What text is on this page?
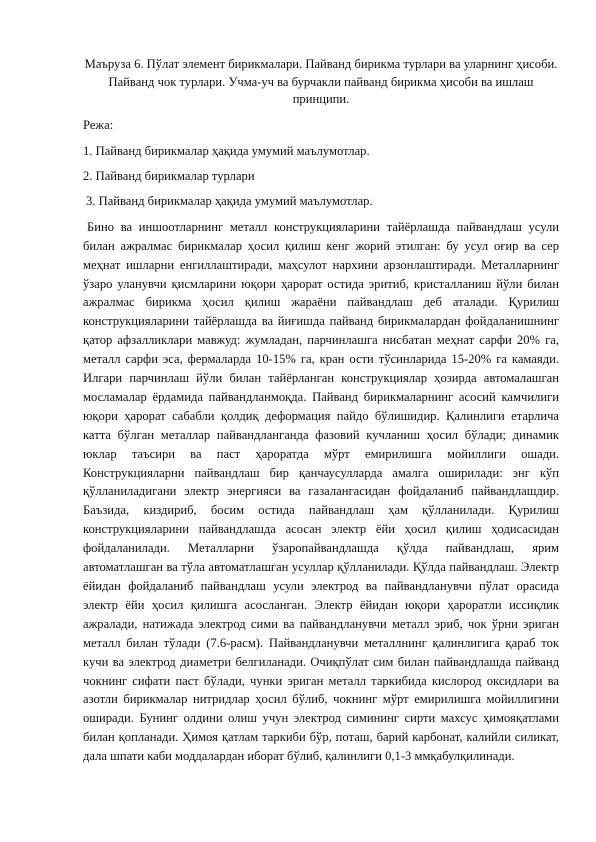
Маъруза 6. Пўлат элемент бирикмалари. Пайванд бирикма турлари ва уларнинг ҳисоби. Пайванд чок турлари. Учма-уч ва бурчакли пайванд бирикма ҳисоби ва ишлаш принципи.

Режа:

1. Пайванд бирикмалар ҳақида умумий маълумотлар.

2. Пайванд бирикмалар турлари

3. Пайванд бирикмалар ҳақида умумий маълумотлар.

Бино ва иншоотларнинг металл конструкцияларини тайёрлашда пайвандлаш усули билан ажралмас бирикмалар ҳосил қилиш кенг жорий этилган: бу усул оғир ва сер меҳнат ишларни енгиллаштиради, маҳсулот нархини арзонлаштиради. Металларнинг ўзаро уланувчи қисмларини юқори ҳарорат остида эритиб, кристалланиш йўли билан ажралмас бирикма ҳосил қилиш жараёни пайвандлаш деб аталади. Қурилиш конструкцияларини тайёрлашда ва йиғишда пайванд бирикмалардан фойдаланишнинг қатор афзалликлари мавжуд: жумладан, парчинлашга нисбатан меҳнат сарфи 20% га, металл сарфи эса, фермаларда 10-15% га, кран ости тўсинларида 15-20% га камаяди. Илгари парчинлаш йўли билан тайёрланган конструкциялар ҳозирда автомалашган мосламалар ёрдамида пайвандланмоқда. Пайванд бирикмаларнинг асосий камчилиги юқори ҳарорат сабабли қолдиқ деформация пайдо бўлишидир. Қалинлиги етарлича катта бўлган металлар пайвандланганда фазовий кучланиш ҳосил бўлади; динамик юклар таъсири ва паст ҳароратда мўрт емирилишга мойиллиги ошади. Конструкцияларни пайвандлаш бир қанчаусулларда амалга оширилади: энг кўп қўлланиладигани электр энергияси ва газалангасидан фойдаланиб пайвандлашдир. Баъзида, киздириб, босим остида пайвандлаш ҳам қўлланилади. Қурилиш конструкцияларини пайвандлашда асосан электр ёйи ҳосил қилиш ҳодисасидан фойдаланилади. Металларни ўзаропайвандлашда қўлда пайвандлаш, ярим автоматлашган ва тўла автоматлашган усуллар қўлланилади. Қўлда пайвандлаш. Электр ёйидан фойдаланиб пайвандлаш усули электрод ва пайвандланувчи пўлат орасида электр ёйи ҳосил қилишга асосланган. Электр ёйидан юқори ҳароратли иссиқлик ажралади, натижада электрод сими ва пайвандланувчи металл эриб, чок ўрни эриган металл билан тўлади (7.6-расм). Пайвандланувчи металлнинг қалинлигига қараб ток кучи ва электрод диаметри белгиланади. Очиқпўлат сим билан пайвандлашда пайванд чокнинг сифати паст бўлади, чунки эриган металл таркибида кислород оксидлари ва азотли бирикмалар нитридлар ҳосил бўлиб, чокнинг мўрт емирилишга мойиллигини оширади. Бунинг олдини олиш учун электрод симининг сирти махсус ҳимояқатлами билан қопланади. Ҳимоя қатлам таркиби бўр, поташ, барий карбонат, калийли силикат, дала шпати каби моддалардан иборат бўлиб, қалинлиги 0,1-3 ммқабулқилинади.
